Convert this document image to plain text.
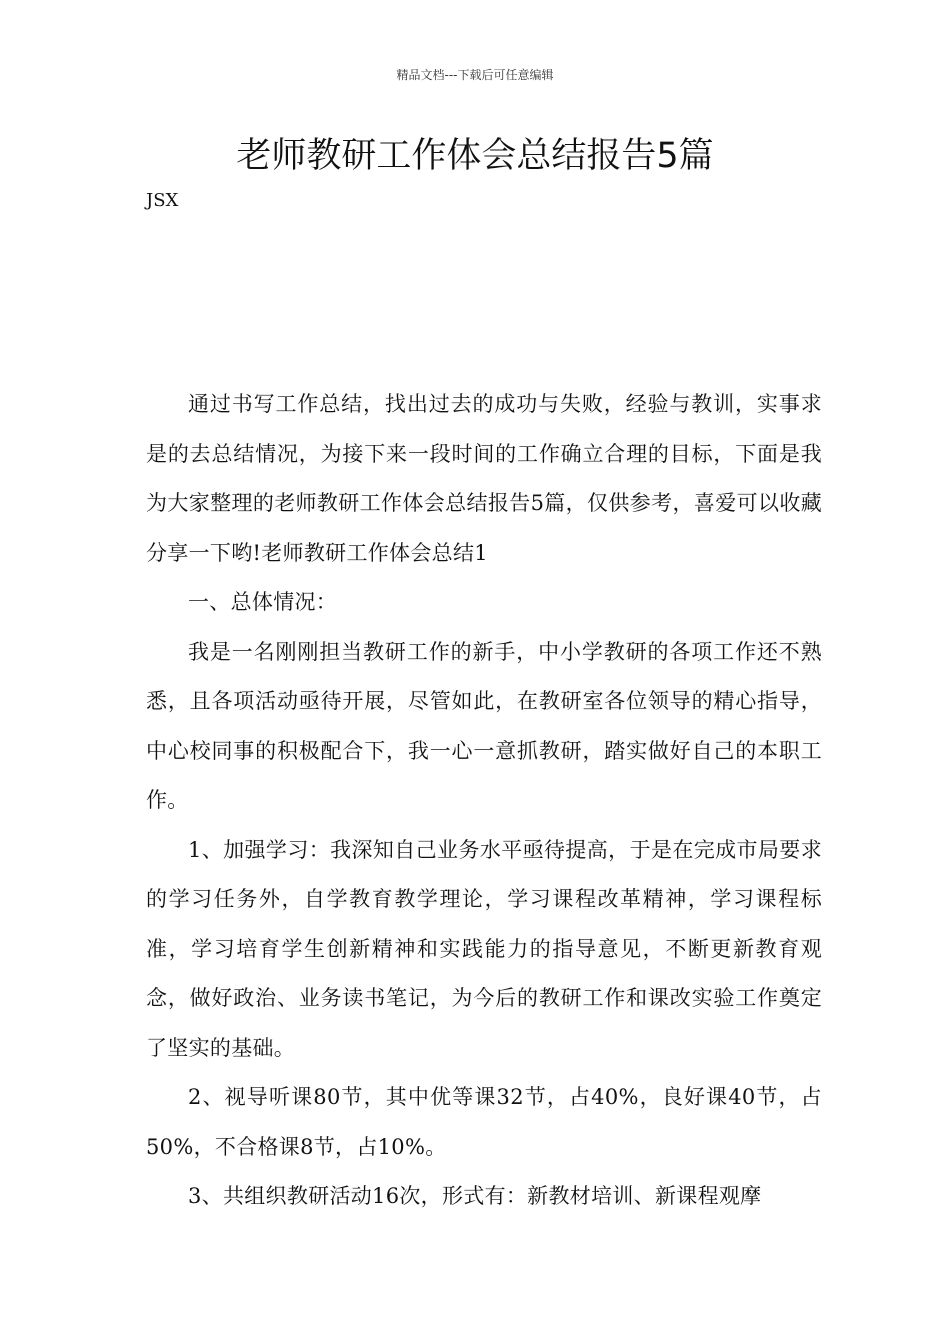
精品文档---下载后可任意编辑
老师教研工作体会总结报告5篇
JSX

通过书写工作总结，找出过去的成功与失败，经验与教训，实事求是的去总结情况，为接下来一段时间的工作确立合理的目标，下面是我为大家整理的老师教研工作体会总结报告5篇，仅供参考，喜爱可以收藏分享一下哟!老师教研工作体会总结1

一、总体情况：

我是一名刚刚担当教研工作的新手，中小学教研的各项工作还不熟悉，且各项活动亟待开展，尽管如此，在教研室各位领导的精心指导，中心校同事的积极配合下，我一心一意抓教研，踏实做好自己的本职工作。

1、加强学习：我深知自己业务水平亟待提高，于是在完成市局要求的学习任务外，自学教育教学理论，学习课程改革精神，学习课程标准，学习培育学生创新精神和实践能力的指导意见，不断更新教育观念，做好政治、业务读书笔记，为今后的教研工作和课改实验工作奠定了坚实的基础。

2、视导听课80节，其中优等课32节，占40%，良好课40节，占50%，不合格课8节，占10%。

3、共组织教研活动16次，形式有：新教材培训、新课程观摩
